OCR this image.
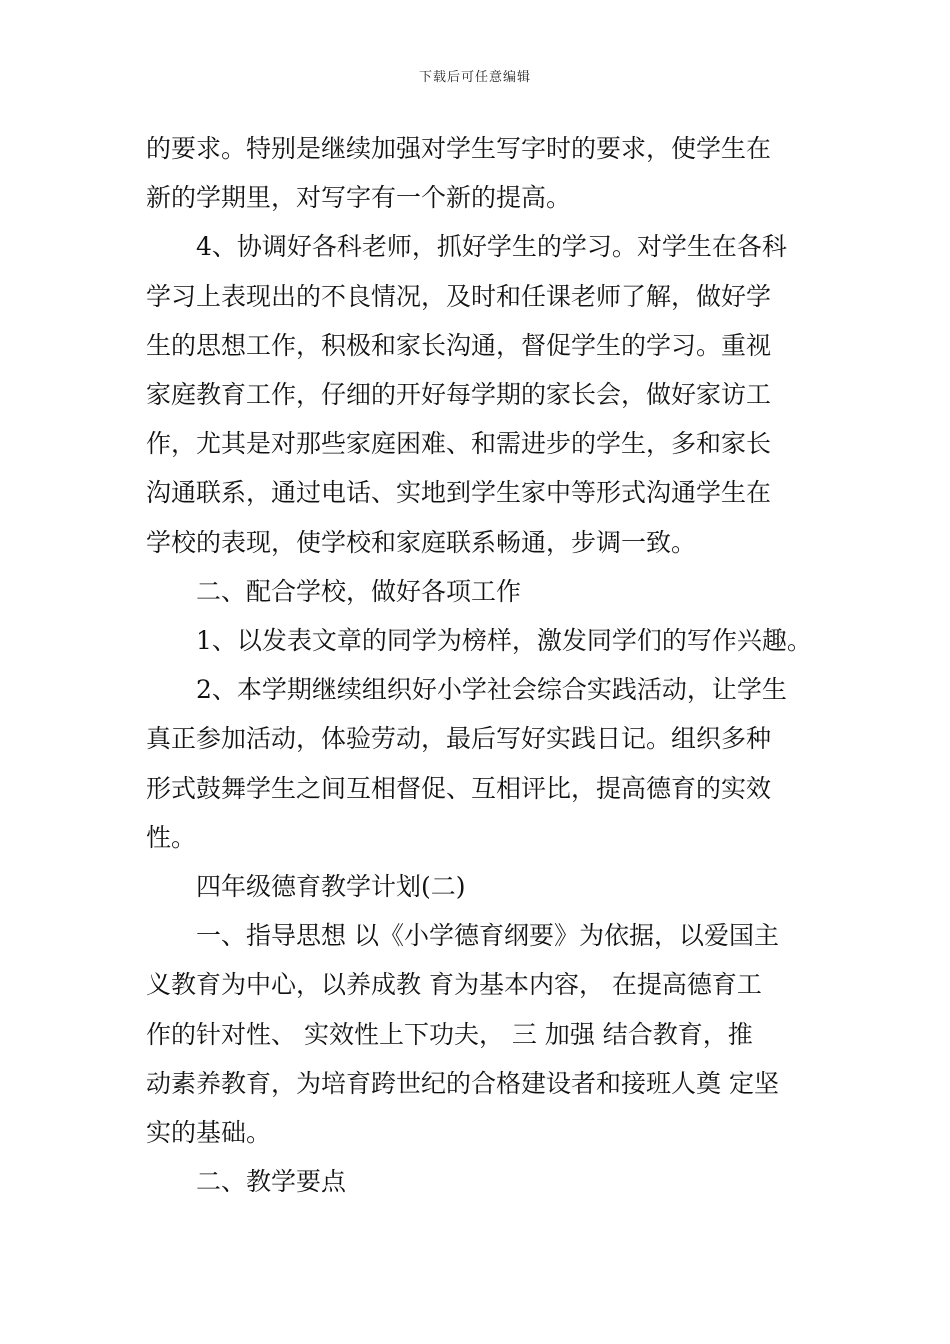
下载后可任意编辑

的要求。特别是继续加强对学生写字时的要求，使学生在

新的学期里，对写字有一个新的提高。

4、协调好各科老师，抓好学生的学习。对学生在各科

学习上表现出的不良情况，及时和任课老师了解，做好学

生的思想工作，积极和家长沟通，督促学生的学习。重视

家庭教育工作，仔细的开好每学期的家长会，做好家访工

作，尤其是对那些家庭困难、和需进步的学生，多和家长

沟通联系，通过电话、实地到学生家中等形式沟通学生在

学校的表现，使学校和家庭联系畅通，步调一致。

二、配合学校，做好各项工作

1、以发表文章的同学为榜样，激发同学们的写作兴趣。

2、本学期继续组织好小学社会综合实践活动，让学生

真正参加活动，体验劳动，最后写好实践日记。组织多种

形式鼓舞学生之间互相督促、互相评比，提高德育的实效

性。

四年级德育教学计划(二)

一、指导思想 以《小学德育纲要》为依据，以爱国主

义教育为中心，以养成教 育为基本内容， 在提高德育工

作的针对性、 实效性上下功夫， 三 加强 结合教育，推

动素养教育，为培育跨世纪的合格建设者和接班人奠 定坚

实的基础。

二、教学要点
